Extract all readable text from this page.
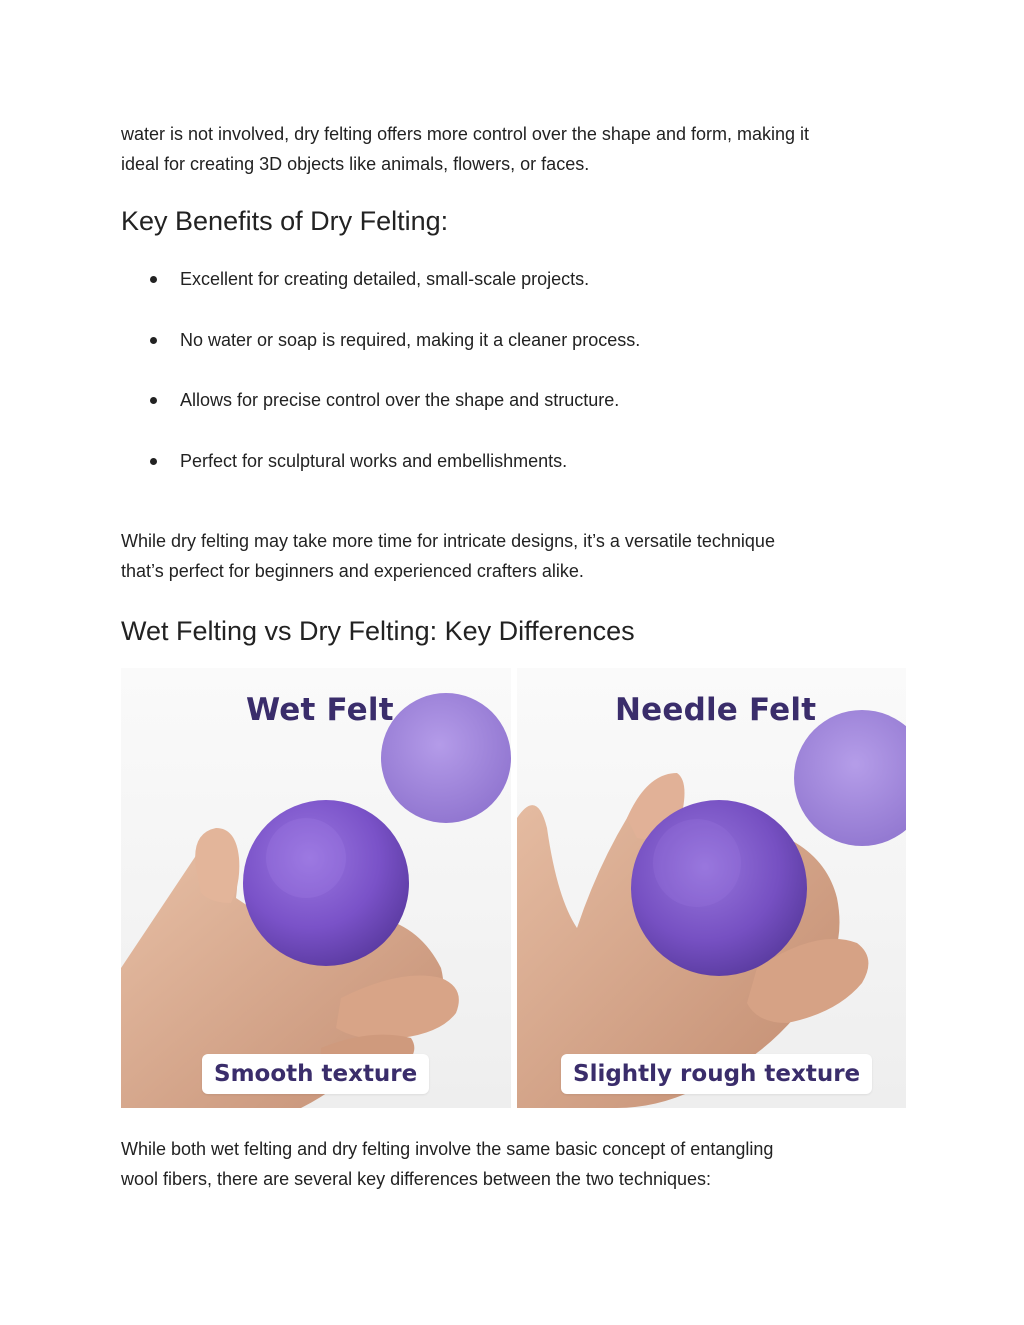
water is not involved, dry felting offers more control over the shape and form, making it
ideal for creating 3D objects like animals, flowers, or faces.

Key Benefits of Dry Felting:
Excellent for creating detailed, small-scale projects.
No water or soap is required, making it a cleaner process.
Allows for precise control over the shape and structure.
Perfect for sculptural works and embellishments.

While dry felting may take more time for intricate designs, it’s a versatile technique
that’s perfect for beginners and experienced crafters alike.

Wet Felting vs Dry Felting: Key Differences
Wet Felt
Smooth texture
Needle Felt
Slightly rough texture

While both wet felting and dry felting involve the same basic concept of entangling
wool fibers, there are several key differences between the two techniques:
